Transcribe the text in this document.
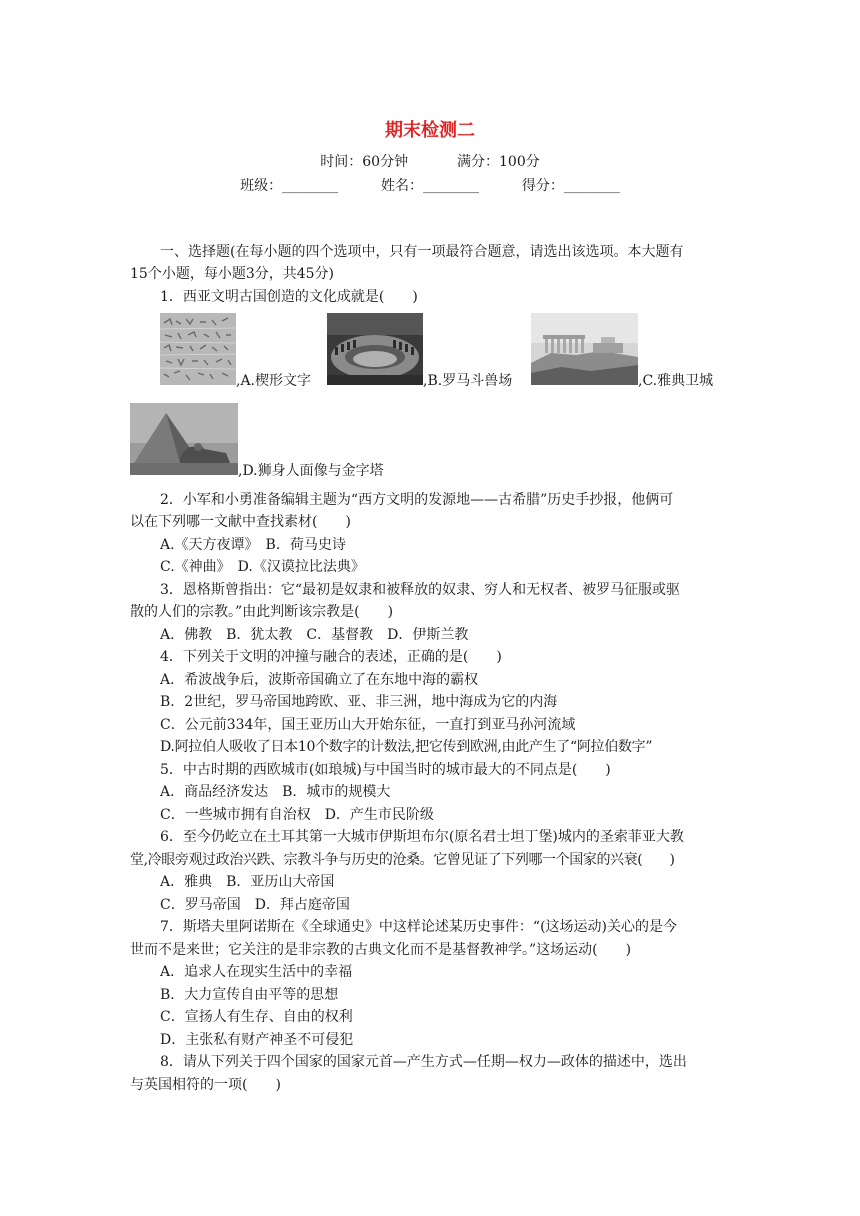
期末检测二
时间：60分钟	满分：100分
班级：________	姓名：________	得分：________
一、选择题(在每小题的四个选项中，只有一项最符合题意，请选出该选项。本大题有
15个小题，每小题3分，共45分)
1．西亚文明古国创造的文化成就是(　　)
,A.楔形文字	,B.罗马斗兽场	,C.雅典卫城
,D.狮身人面像与金字塔
2．小军和小勇准备编辑主题为“西方文明的发源地——古希腊”历史手抄报，他俩可
以在下列哪一文献中查找素材(　　)
A.《天方夜谭》　B．荷马史诗
C.《神曲》　D.《汉谟拉比法典》
3．恩格斯曾指出：它“最初是奴隶和被释放的奴隶、穷人和无权者、被罗马征服或驱
散的人们的宗教。”由此判断该宗教是(　　)
A．佛教　B．犹太教　C．基督教　D．伊斯兰教
4．下列关于文明的冲撞与融合的表述，正确的是(　　)
A．希波战争后，波斯帝国确立了在东地中海的霸权
B．2世纪，罗马帝国地跨欧、亚、非三洲，地中海成为它的内海
C．公元前334年，国王亚历山大开始东征，一直打到亚马孙河流域
D.阿拉伯人吸收了日本10个数字的计数法,把它传到欧洲,由此产生了“阿拉伯数字”
5．中古时期的西欧城市(如琅城)与中国当时的城市最大的不同点是(　　)
A．商品经济发达　B．城市的规模大
C．一些城市拥有自治权　D．产生市民阶级
6．至今仍屹立在土耳其第一大城市伊斯坦布尔(原名君士坦丁堡)城内的圣索菲亚大教
堂,冷眼旁观过政治兴跌、宗教斗争与历史的沧桑。它曾见证了下列哪一个国家的兴衰(　　)
A．雅典　B．亚历山大帝国
C．罗马帝国　D．拜占庭帝国
7．斯塔夫里阿诺斯在《全球通史》中这样论述某历史事件：“(这场运动)关心的是今
世而不是来世；它关注的是非宗教的古典文化而不是基督教神学。”这场运动(　　)
A．追求人在现实生活中的幸福
B．大力宣传自由平等的思想
C．宣扬人有生存、自由的权利
D．主张私有财产神圣不可侵犯
8．请从下列关于四个国家的国家元首—产生方式—任期—权力—政体的描述中，选出
与英国相符的一项(　　)
